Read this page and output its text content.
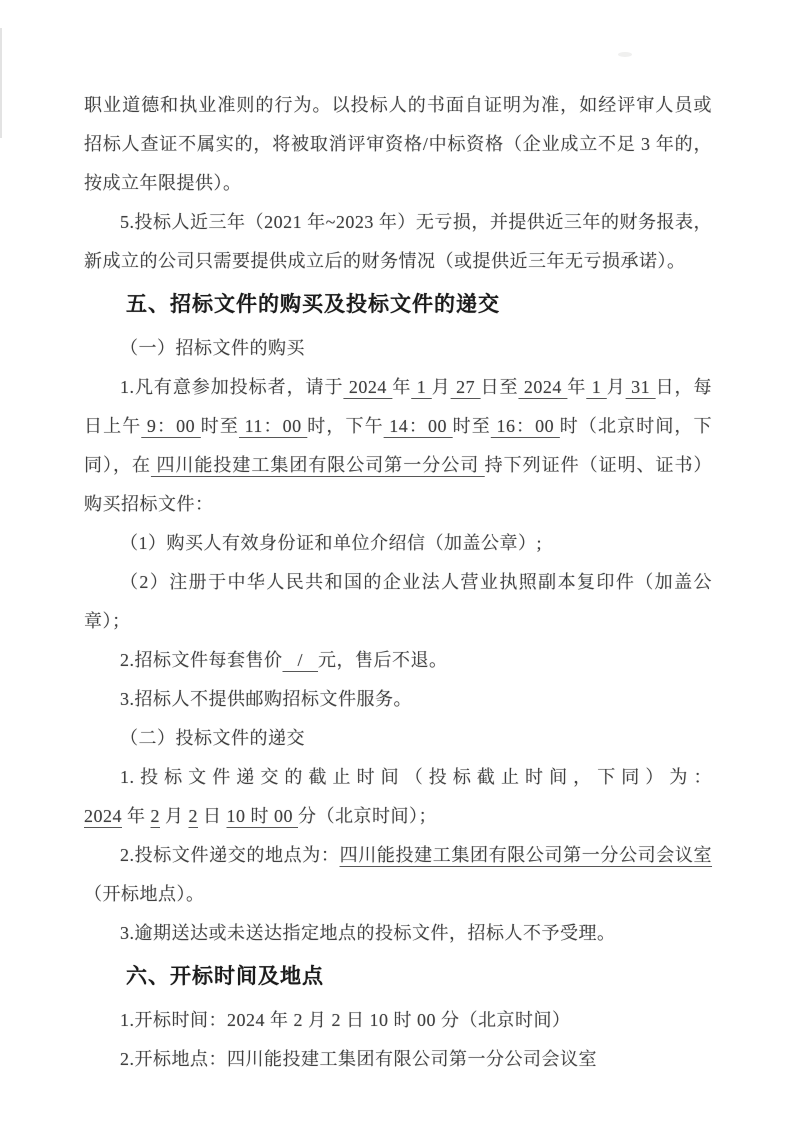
职业道德和执业准则的行为。以投标人的书面自证明为准，如经评审人员或招标人查证不属实的，将被取消评审资格/中标资格（企业成立不足 3 年的，按成立年限提供）。

5.投标人近三年（2021 年~2023 年）无亏损，并提供近三年的财务报表，新成立的公司只需要提供成立后的财务情况（或提供近三年无亏损承诺）。

五、招标文件的购买及投标文件的递交

（一）招标文件的购买

1.凡有意参加投标者，请于 2024 年 1 月 27 日至 2024 年 1 月 31 日，每日上午 9：00 时至 11：00 时，下午 14：00 时至 16：00 时（北京时间，下同），在 四川能投建工集团有限公司第一分公司 持下列证件（证明、证书）购买招标文件：

（1）购买人有效身份证和单位介绍信（加盖公章）;

（2）注册于中华人民共和国的企业法人营业执照副本复印件（加盖公章）；

2.招标文件每套售价   /   元，售后不退。

3.招标人不提供邮购招标文件服务。

（二）投标文件的递交

1.投标文件递交的截止时间（投标截止时间，下同）为：2024 年 2 月 2 日 10 时 00 分（北京时间）；

2.投标文件递交的地点为：四川能投建工集团有限公司第一分公司会议室（开标地点）。

3.逾期送达或未送达指定地点的投标文件，招标人不予受理。

六、开标时间及地点

1.开标时间：2024 年 2 月 2 日 10 时 00 分（北京时间）

2.开标地点：四川能投建工集团有限公司第一分公司会议室
